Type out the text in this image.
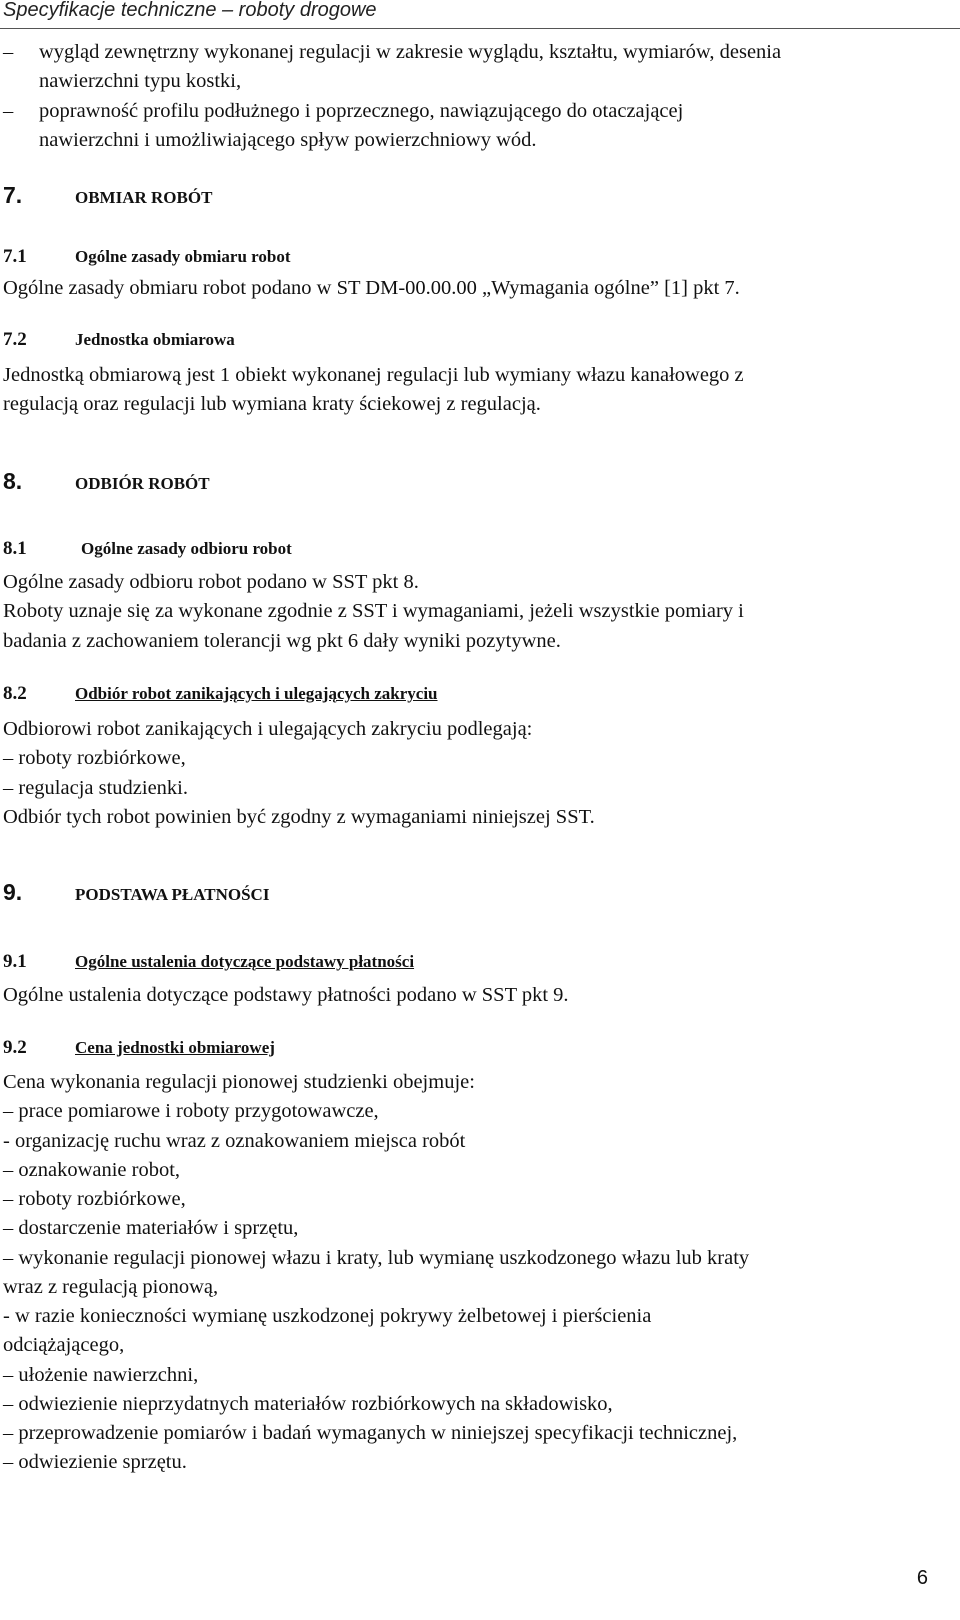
Specyfikacje techniczne – roboty drogowe
– wygląd zewnętrzny wykonanej regulacji w zakresie wyglądu, kształtu, wymiarów, desenia
nawierzchni typu kostki,
– poprawność profilu podłużnego i poprzecznego, nawiązującego do otaczającej
nawierzchni i umożliwiającego spływ powierzchniowy wód.
7.	OBMIAR ROBÓT
7.1	Ogólne zasady obmiaru robot
Ogólne zasady obmiaru robot podano w ST DM-00.00.00 „Wymagania ogólne” [1] pkt 7.
7.2	Jednostka obmiarowa
Jednostką obmiarową jest 1 obiekt wykonanej regulacji lub wymiany włazu kanałowego z
regulacją oraz regulacji lub wymiana kraty ściekowej z regulacją.
8.	ODBIÓR ROBÓT
8.1	Ogólne zasady odbioru robot
Ogólne zasady odbioru robot podano w SST pkt 8.
Roboty uznaje się za wykonane zgodnie z SST i wymaganiami, jeżeli wszystkie pomiary i
badania z zachowaniem tolerancji wg pkt 6 dały wyniki pozytywne.
8.2	Odbiór robot zanikających i ulegających zakryciu
Odbiorowi robot zanikających i ulegających zakryciu podlegają:
– roboty rozbiórkowe,
– regulacja studzienki.
Odbiór tych robot powinien być zgodny z wymaganiami niniejszej SST.
9.	PODSTAWA PŁATNOŚCI
9.1	Ogólne ustalenia dotyczące podstawy płatności
Ogólne ustalenia dotyczące podstawy płatności podano w SST pkt 9.
9.2	Cena jednostki obmiarowej
Cena wykonania regulacji pionowej studzienki obejmuje:
– prace pomiarowe i roboty przygotowawcze,
- organizację ruchu wraz z oznakowaniem miejsca robót
– oznakowanie robot,
– roboty rozbiórkowe,
– dostarczenie materiałów i sprzętu,
– wykonanie regulacji pionowej włazu i kraty, lub wymianę uszkodzonego włazu lub kraty
wraz z regulacją pionową,
- w razie konieczności wymianę uszkodzonej pokrywy żelbetowej i pierścienia
odciążającego,
– ułożenie nawierzchni,
– odwiezienie nieprzydatnych materiałów rozbiórkowych na składowisko,
– przeprowadzenie pomiarów i badań wymaganych w niniejszej specyfikacji technicznej,
– odwiezienie sprzętu.
6
